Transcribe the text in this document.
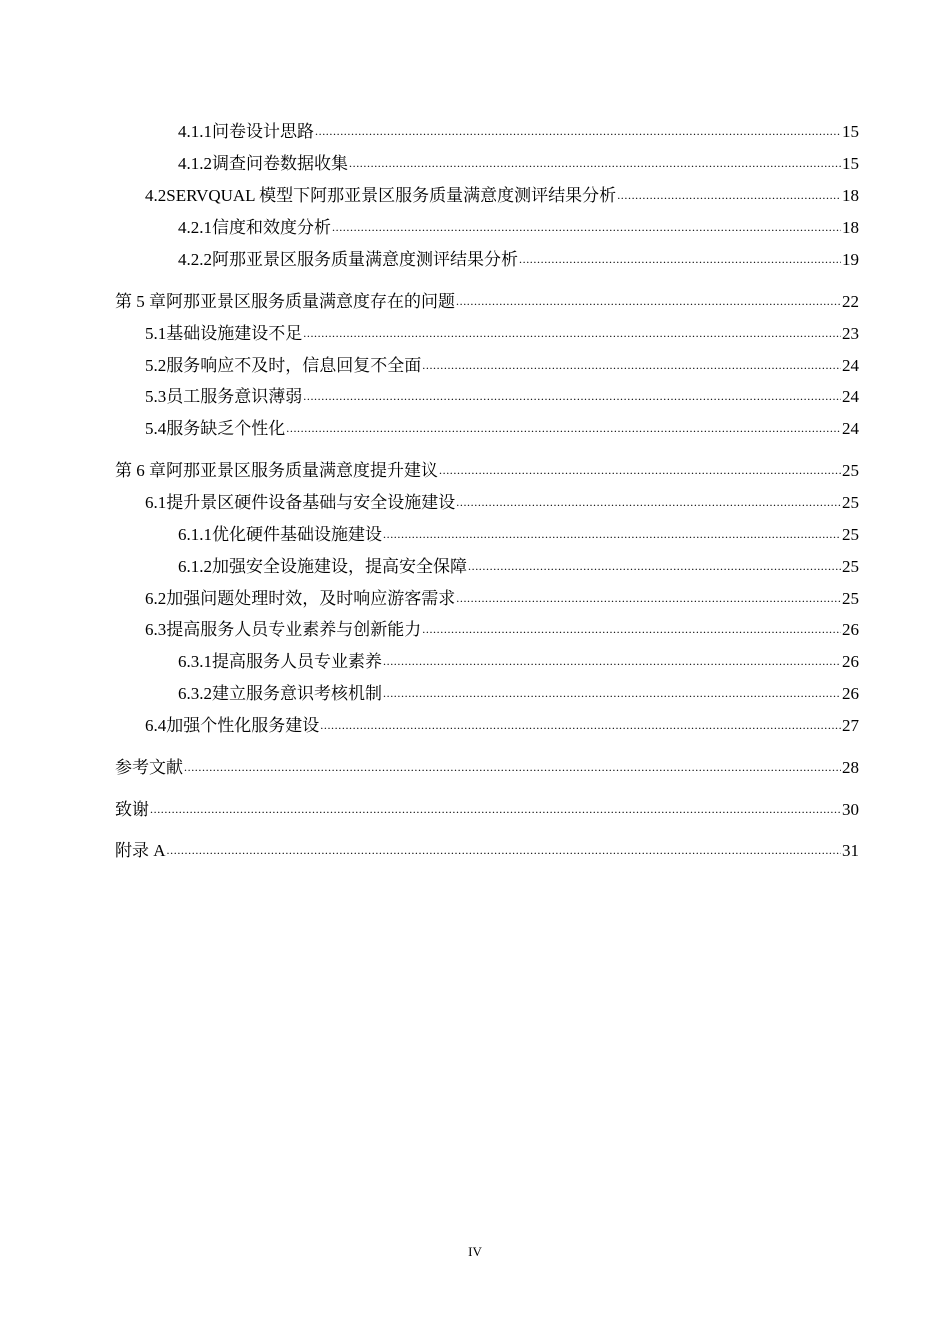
4.1.1 问卷设计思路 .....	15
4.1.2 调查问卷数据收集 .....	15
4.2 SERVQUAL 模型下阿那亚景区服务质量满意度测评结果分析 .....	18
4.2.1 信度和效度分析 .....	18
4.2.2 阿那亚景区服务质量满意度测评结果分析 .....	19
第 5 章 阿那亚景区服务质量满意度存在的问题 .....	22
5.1 基础设施建设不足 .....	23
5.2 服务响应不及时，信息回复不全面 .....	24
5.3 员工服务意识薄弱 .....	24
5.4 服务缺乏个性化 .....	24
第 6 章 阿那亚景区服务质量满意度提升建议 .....	25
6.1 提升景区硬件设备基础与安全设施建设 .....	25
6.1.1 优化硬件基础设施建设 .....	25
6.1.2 加强安全设施建设，提高安全保障 .....	25
6.2 加强问题处理时效，及时响应游客需求 .....	25
6.3 提高服务人员专业素养与创新能力 .....	26
6.3.1 提高服务人员专业素养 .....	26
6.3.2 建立服务意识考核机制 .....	26
6.4 加强个性化服务建设 .....	27
参考文献 .....	28
致谢 .....	30
附录 A .....	31
IV
